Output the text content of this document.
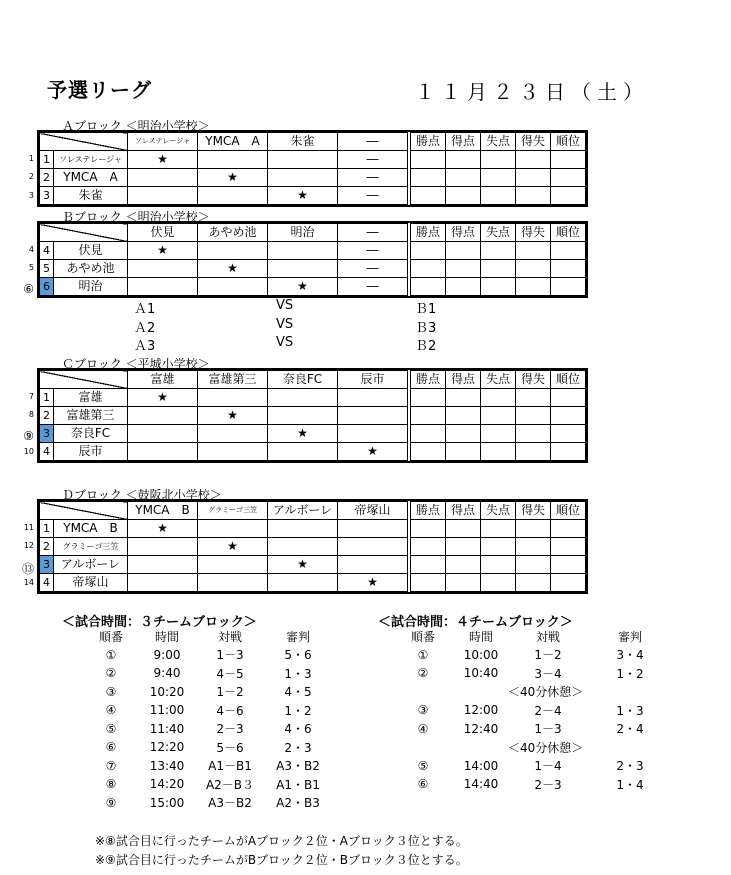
予選リーグ	１１月２３日（土）
Ａブロック ＜明治小学校＞
1
2
3
		ソレステレージャ	YMCA　A	朱雀	―		勝点	得点	失点	得失	順位
1	ソレステレージャ	★			―						
2	YMCA　A		★		―						
3	朱雀			★	―						
Ｂブロック ＜明治小学校＞
4
5
⑥
		伏見	あやめ池	明治	―		勝点	得点	失点	得失	順位
4	伏見	★			―						
5	あやめ池		★		―						
6	明治			★	―						
Ｃブロック ＜平城小学校＞
7
8
⑨
10
		富雄	富雄第三	奈良FC	辰市		勝点	得点	失点	得失	順位
1	富雄	★									
2	富雄第三		★								
3	奈良FC			★							
4	辰市				★						
Ｄブロック ＜鼓阪北小学校＞
11
12
⑬
14
		YMCA　B	グラミーゴ三笠	アルボーレ	帝塚山		勝点	得点	失点	得失	順位
1	YMCA　B	★									
2	グラミーゴ三笠		★								
3	アルボーレ			★							
4	帝塚山				★						
Ａ1	VS	Ｂ1
Ａ2	VS	Ｂ3
Ａ3	VS	Ｂ2
＜試合時間：３チームブロック＞
順番	時間	対戦	審判
①	9:00	1－3	5・6
②	9:40	4－5	1・3
③	10:20	1－2	4・5
④	11:00	4－6	1・2
⑤	11:40	2－3	4・6
⑥	12:20	5－6	2・3
⑦	13:40	A1－B1	A3・B2
⑧	14:20	A2－B３	A1・B1
⑨	15:00	A3－B2	A2・B3
＜試合時間：４チームブロック＞
順番	時間	対戦	審判
①	10:00	1－2	3・4
②	10:40	3－4	1・2
		＜40分休憩＞	
③	12:00	2－4	1・3
④	12:40	1－3	2・4
		＜40分休憩＞	
⑤	14:00	1－4	2・3
⑥	14:40	2－3	1・4
※⑧試合目に行ったチームがAブロック２位・Aブロック３位とする。
※⑨試合目に行ったチームがBブロック２位・Bブロック３位とする。
